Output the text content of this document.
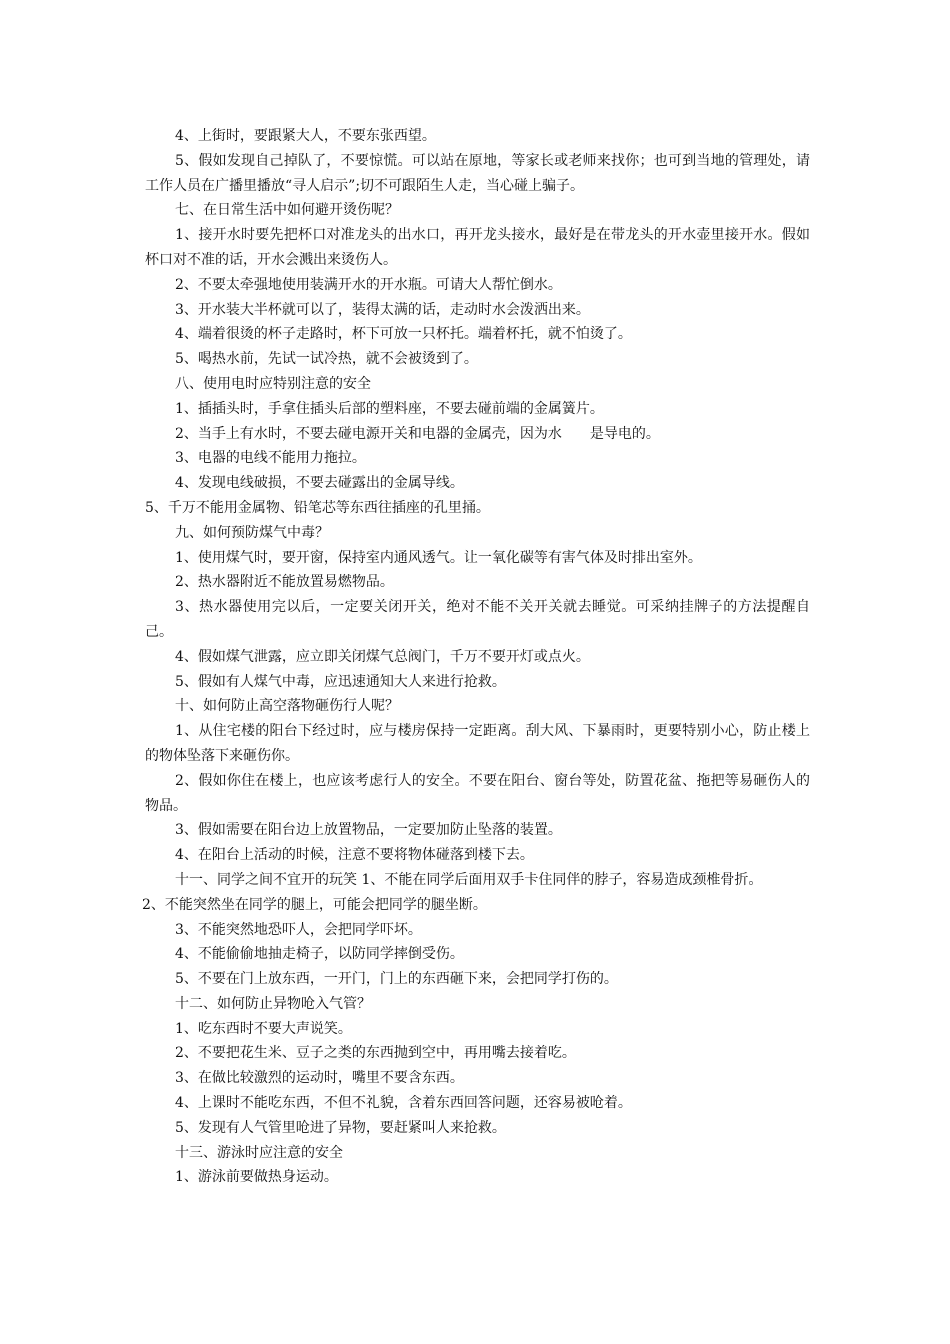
4、上街时，要跟紧大人，不要东张西望。

5、假如发现自己掉队了，不要惊慌。可以站在原地，等家长或老师来找你；也可到当地的管理处，请工作人员在广播里播放“寻人启示”;切不可跟陌生人走，当心碰上骗子。

七、在日常生活中如何避开烫伤呢？

1、接开水时要先把杯口对准龙头的出水口，再开龙头接水，最好是在带龙头的开水壶里接开水。假如杯口对不准的话，开水会溅出来烫伤人。

2、不要太牵强地使用装满开水的开水瓶。可请大人帮忙倒水。

3、开水装大半杯就可以了，装得太满的话，走动时水会泼洒出来。

4、端着很烫的杯子走路时，杯下可放一只杯托。端着杯托，就不怕烫了。

5、喝热水前，先试一试冷热，就不会被烫到了。

八、使用电时应特别注意的安全

1、插插头时，手拿住插头后部的塑料座，不要去碰前端的金属簧片。

2、当手上有水时，不要去碰电源开关和电器的金属壳，因为水　　是导电的。

3、电器的电线不能用力拖拉。

4、发现电线破损，不要去碰露出的金属导线。

5、千万不能用金属物、铅笔芯等东西往插座的孔里捅。

九、如何预防煤气中毒？

1、使用煤气时，要开窗，保持室内通风透气。让一氧化碳等有害气体及时排出室外。

2、热水器附近不能放置易燃物品。

3、热水器使用完以后，一定要关闭开关，绝对不能不关开关就去睡觉。可采纳挂牌子的方法提醒自己。

4、假如煤气泄露，应立即关闭煤气总阀门，千万不要开灯或点火。

5、假如有人煤气中毒，应迅速通知大人来进行抢救。

十、如何防止高空落物砸伤行人呢？

1、从住宅楼的阳台下经过时，应与楼房保持一定距离。刮大风、下暴雨时，更要特别小心，防止楼上的物体坠落下来砸伤你。

2、假如你住在楼上，也应该考虑行人的安全。不要在阳台、窗台等处，防置花盆、拖把等易砸伤人的物品。

3、假如需要在阳台边上放置物品，一定要加防止坠落的装置。

4、在阳台上活动的时候，注意不要将物体碰落到楼下去。

十一、同学之间不宜开的玩笑 1、不能在同学后面用双手卡住同伴的脖子，容易造成颈椎骨折。

2、不能突然坐在同学的腿上，可能会把同学的腿坐断。

3、不能突然地恐吓人，会把同学吓坏。

4、不能偷偷地抽走椅子，以防同学摔倒受伤。

5、不要在门上放东西，一开门，门上的东西砸下来，会把同学打伤的。

十二、如何防止异物呛入气管？

1、吃东西时不要大声说笑。

2、不要把花生米、豆子之类的东西抛到空中，再用嘴去接着吃。

3、在做比较激烈的运动时，嘴里不要含东西。

4、上课时不能吃东西，不但不礼貌，含着东西回答问题，还容易被呛着。

5、发现有人气管里呛进了异物，要赶紧叫人来抢救。

十三、游泳时应注意的安全

1、游泳前要做热身运动。
